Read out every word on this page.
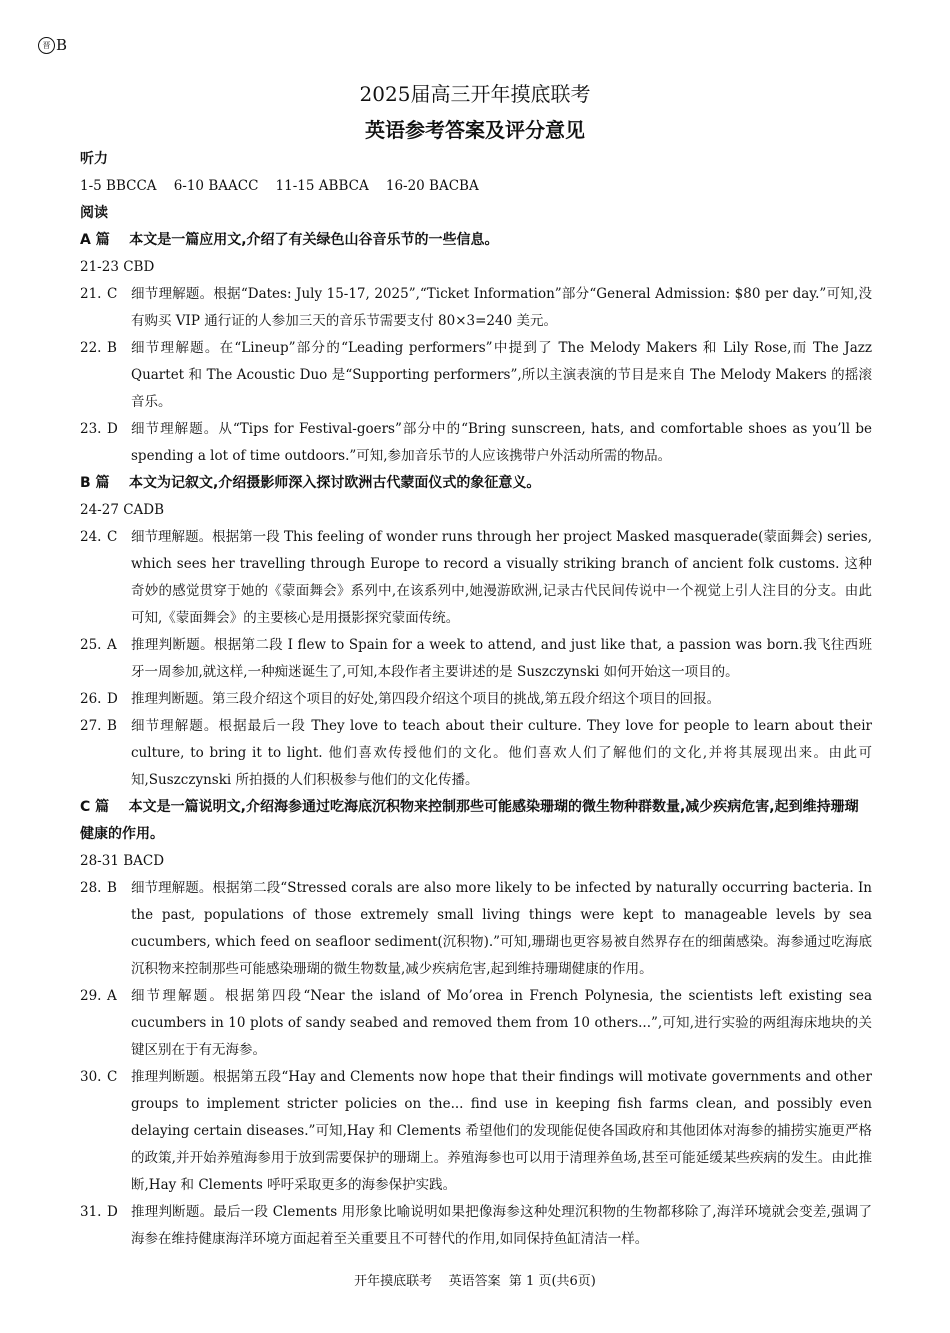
晋 B
2025届高三开年摸底联考
英语参考答案及评分意见

听力

1-5 BBCCA    6-10 BAACC    11-15 ABBCA    16-20 BACBA

阅读

A 篇    本文是一篇应用文,介绍了有关绿色山谷音乐节的一些信息。

21-23 CBD

21. C	细节理解题。根据“Dates: July 15-17, 2025”,“Ticket Information”部分“General Admission: $80 per day.”可知,没有购买 VIP 通行证的人参加三天的音乐节需要支付 80×3=240 美元。
22. B	细节理解题。在“Lineup”部分的“Leading performers”中提到了 The Melody Makers 和 Lily Rose,而 The Jazz Quartet 和 The Acoustic Duo 是“Supporting performers”,所以主演表演的节目是来自 The Melody Makers 的摇滚音乐。
23. D 细节理解题。从“Tips for Festival-goers”部分中的“Bring sunscreen, hats, and comfortable shoes as you’ll be spending a lot of time outdoors.”可知,参加音乐节的人应该携带户外活动所需的物品。

B 篇    本文为记叙文,介绍摄影师深入探讨欧洲古代蒙面仪式的象征意义。

24-27 CADB

24. C	细节理解题。根据第一段 This feeling of wonder runs through her project Masked masquerade(蒙面舞会) series, which sees her travelling through Europe to record a visually striking branch of ancient folk customs. 这种奇妙的感觉贯穿于她的《蒙面舞会》系列中,在该系列中,她漫游欧洲,记录古代民间传说中一个视觉上引人注目的分支。由此可知,《蒙面舞会》的主要核心是用摄影探究蒙面传统。
25. A	推理判断题。根据第二段 I flew to Spain for a week to attend, and just like that, a passion was born.我飞往西班牙一周参加,就这样,一种痴迷诞生了,可知,本段作者主要讲述的是 Suszczynski 如何开始这一项目的。
26. D 推理判断题。第三段介绍这个项目的好处,第四段介绍这个项目的挑战,第五段介绍这个项目的回报。
27. B	细节理解题。根据最后一段 They love to teach about their culture. They love for people to learn about their culture, to bring it to light. 他们喜欢传授他们的文化。他们喜欢人们了解他们的文化,并将其展现出来。由此可知,Suszczynski 所拍摄的人们积极参与他们的文化传播。

C 篇    本文是一篇说明文,介绍海参通过吃海底沉积物来控制那些可能感染珊瑚的微生物种群数量,减少疾病危害,起到维持珊瑚健康的作用。

28-31 BACD

28. B	细节理解题。根据第二段“Stressed corals are also more likely to be infected by naturally occurring bacteria. In the past, populations of those extremely small living things were kept to manageable levels by sea cucumbers, which feed on seafloor sediment(沉积物).”可知,珊瑚也更容易被自然界存在的细菌感染。海参通过吃海底沉积物来控制那些可能感染珊瑚的微生物数量,减少疾病危害,起到维持珊瑚健康的作用。
29. A	细节理解题。根据第四段“Near the island of Mo’orea in French Polynesia, the scientists left existing sea cucumbers in 10 plots of sandy seabed and removed them from 10 others...”,可知,进行实验的两组海床地块的关键区别在于有无海参。
30. C	推理判断题。根据第五段“Hay and Clements now hope that their findings will motivate governments and other groups to implement stricter policies on the... find use in keeping fish farms clean, and possibly even delaying certain diseases.”可知,Hay 和 Clements 希望他们的发现能促使各国政府和其他团体对海参的捕捞实施更严格的政策,并开始养殖海参用于放到需要保护的珊瑚上。养殖海参也可以用于清理养鱼场,甚至可能延缓某些疾病的发生。由此推断,Hay 和 Clements 呼吁采取更多的海参保护实践。
31. D 推理判断题。最后一段 Clements 用形象比喻说明如果把像海参这种处理沉积物的生物都移除了,海洋环境就会变差,强调了海参在维持健康海洋环境方面起着至关重要且不可替代的作用,如同保持鱼缸清洁一样。
开年摸底联考    英语答案  第 1 页(共6页)
